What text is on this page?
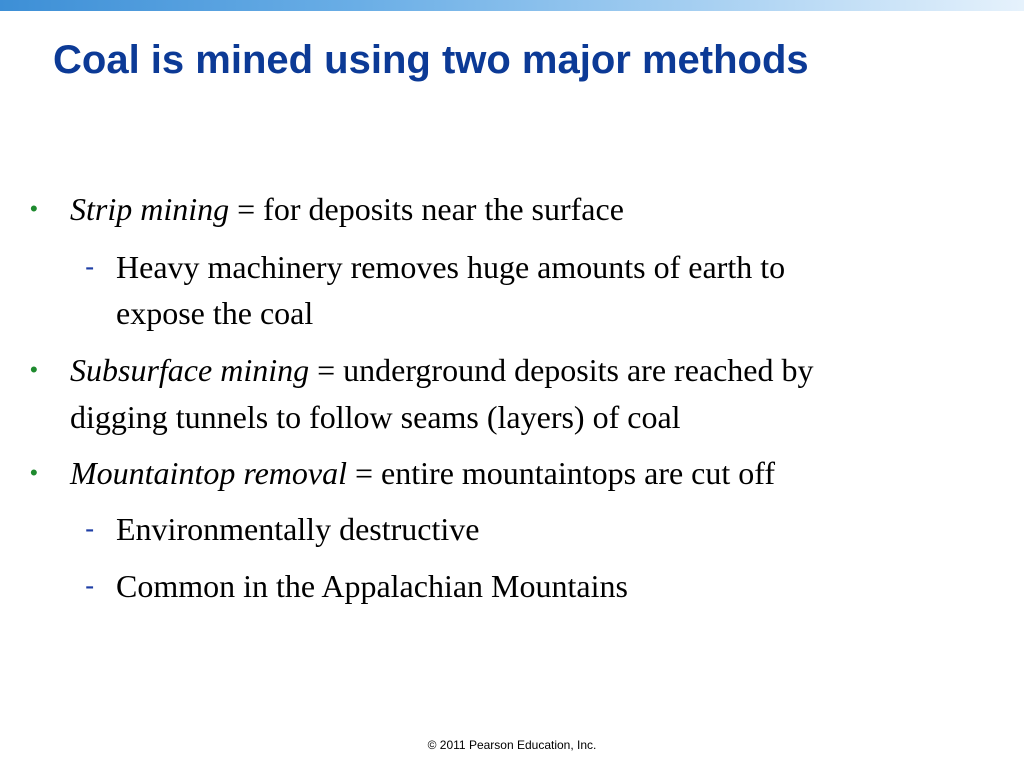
Coal is mined using two major methods
• Strip mining = for deposits near the surface
- Heavy machinery removes huge amounts of earth to
expose the coal
• Subsurface mining = underground deposits are reached by
digging tunnels to follow seams (layers) of coal
• Mountaintop removal = entire mountaintops are cut off
- Environmentally destructive
- Common in the Appalachian Mountains
© 2011 Pearson Education, Inc.
